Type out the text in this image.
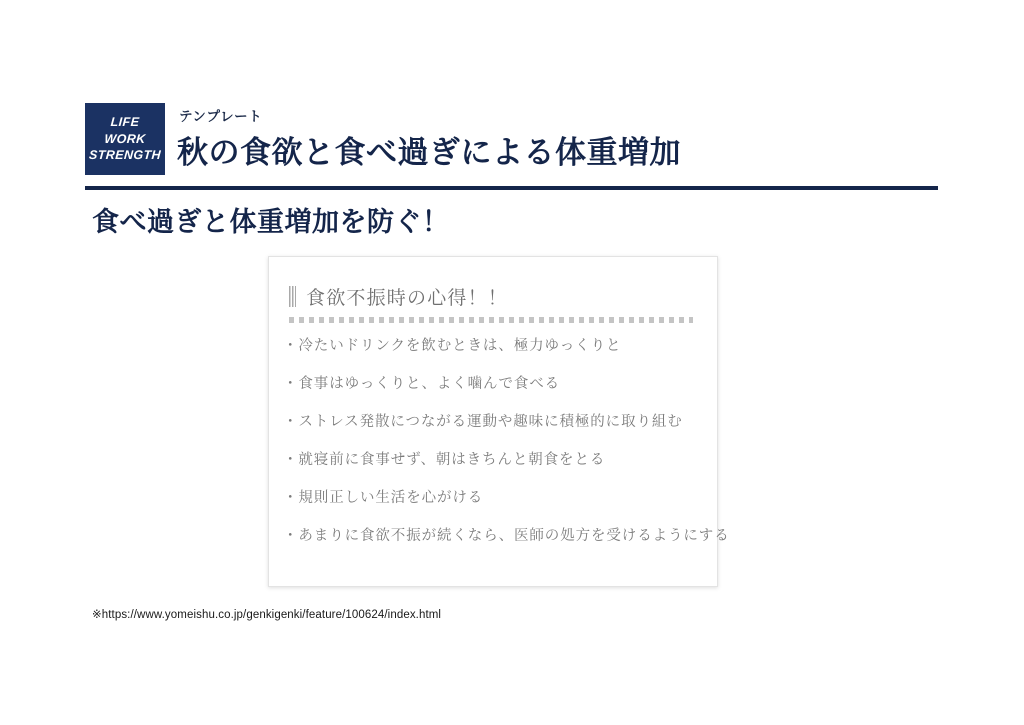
LIFE
WORK
STRENGTH
テンプレート
秋の食欲と食べ過ぎによる体重増加
食べ過ぎと体重増加を防ぐ！
食欲不振時の心得！！
・冷たいドリンクを飲むときは、極力ゆっくりと
・食事はゆっくりと、よく噛んで食べる
・ストレス発散につながる運動や趣味に積極的に取り組む
・就寝前に食事せず、朝はきちんと朝食をとる
・規則正しい生活を心がける
・あまりに食欲不振が続くなら、医師の処方を受けるようにする
※https://www.yomeishu.co.jp/genkigenki/feature/100624/index.html
